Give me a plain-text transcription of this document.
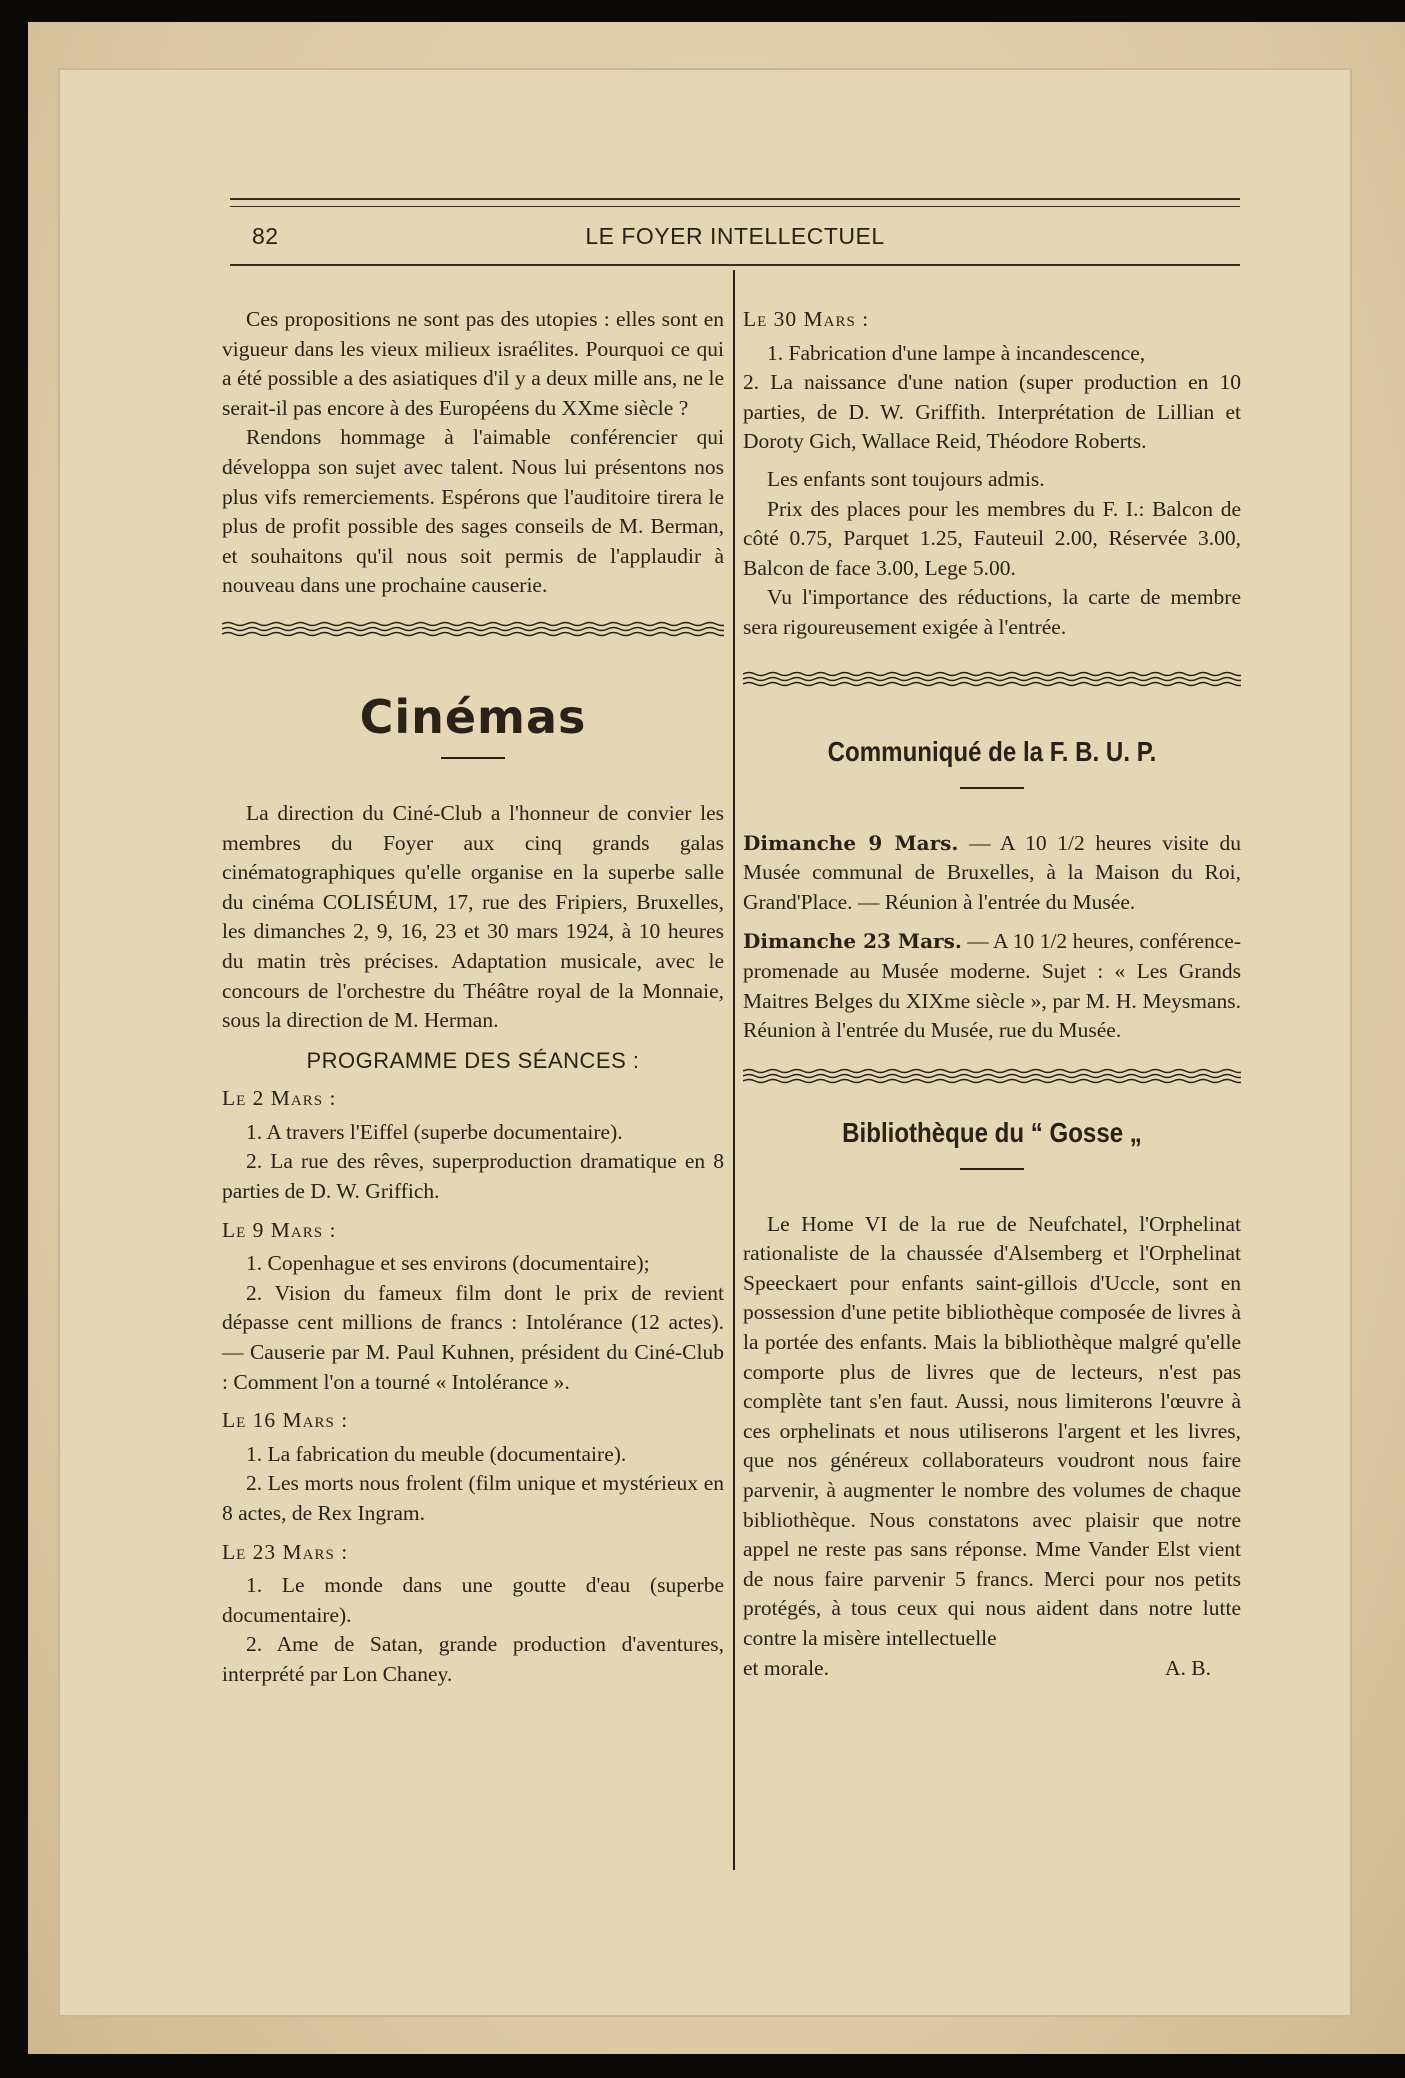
82	LE FOYER INTELLECTUEL

Ces propositions ne sont pas des utopies : elles sont en vigueur dans les vieux milieux israélites. Pourquoi ce qui a été possible a des asiatiques d'il y a deux mille ans, ne le serait-il pas encore à des Européens du XXme siècle ?

Rendons hommage à l'aimable conférencier qui développa son sujet avec talent. Nous lui présentons nos plus vifs remerciements. Espérons que l'auditoire tirera le plus de profit possible des sages conseils de M. Berman, et souhaitons qu'il nous soit permis de l'applaudir à nouveau dans une prochaine causerie.

Cinémas

La direction du Ciné-Club a l'honneur de convier les membres du Foyer aux cinq grands galas cinématographiques qu'elle organise en la superbe salle du cinéma COLISÉUM, 17, rue des Fripiers, Bruxelles, les dimanches 2, 9, 16, 23 et 30 mars 1924, à 10 heures du matin très précises. Adaptation musicale, avec le concours de l'orchestre du Théâtre royal de la Monnaie, sous la direction de M. Herman.

PROGRAMME DES SÉANCES :
Le 2 Mars :

1. A travers l'Eiffel (superbe documentaire).

2. La rue des rêves, superproduction dramatique en 8 parties de D. W. Griffich.

Le 9 Mars :

1. Copenhague et ses environs (documentaire);

2. Vision du fameux film dont le prix de revient dépasse cent millions de francs : Intolérance (12 actes). — Causerie par M. Paul Kuhnen, président du Ciné-Club : Comment l'on a tourné « Intolérance ».

Le 16 Mars :

1. La fabrication du meuble (documentaire).

2. Les morts nous frolent (film unique et mystérieux en 8 actes, de Rex Ingram.

Le 23 Mars :

1. Le monde dans une goutte d'eau (superbe documentaire).

2. Ame de Satan, grande production d'aventures, interprété par Lon Chaney.

Le 30 Mars :

1. Fabrication d'une lampe à incandescence,

2. La naissance d'une nation (super production en 10 parties, de D. W. Griffith. Interprétation de Lillian et Doroty Gich, Wallace Reid, Théodore Roberts.

Les enfants sont toujours admis.

Prix des places pour les membres du F. I.: Balcon de côté 0.75, Parquet 1.25, Fauteuil 2.00, Réservée 3.00, Balcon de face 3.00, Lege 5.00.

Vu l'importance des réductions, la carte de membre sera rigoureusement exigée à l'entrée.

Communiqué de la F. B. U. P.

Dimanche 9 Mars. — A 10 1/2 heures visite du Musée communal de Bruxelles, à la Maison du Roi, Grand'Place. — Réunion à l'entrée du Musée.

Dimanche 23 Mars. — A 10 1/2 heures, conférence-promenade au Musée moderne. Sujet : « Les Grands Maitres Belges du XIXme siècle », par M. H. Meysmans. Réunion à l'entrée du Musée, rue du Musée.

Bibliothèque du “ Gosse „

Le Home VI de la rue de Neufchatel, l'Orphelinat rationaliste de la chaussée d'Alsemberg et l'Orphelinat Speeckaert pour enfants saint-gillois d'Uccle, sont en possession d'une petite bibliothèque composée de livres à la portée des enfants. Mais la bibliothèque malgré qu'elle comporte plus de livres que de lecteurs, n'est pas complète tant s'en faut. Aussi, nous limiterons l'œuvre à ces orphelinats et nous utiliserons l'argent et les livres, que nos généreux collaborateurs voudront nous faire parvenir, à augmenter le nombre des volumes de chaque bibliothèque. Nous constatons avec plaisir que notre appel ne reste pas sans réponse. Mme Vander Elst vient de nous faire parvenir 5 francs. Merci pour nos petits protégés, à tous ceux qui nous aident dans notre lutte contre la misère intellectuelle

et morale.	A. B.
